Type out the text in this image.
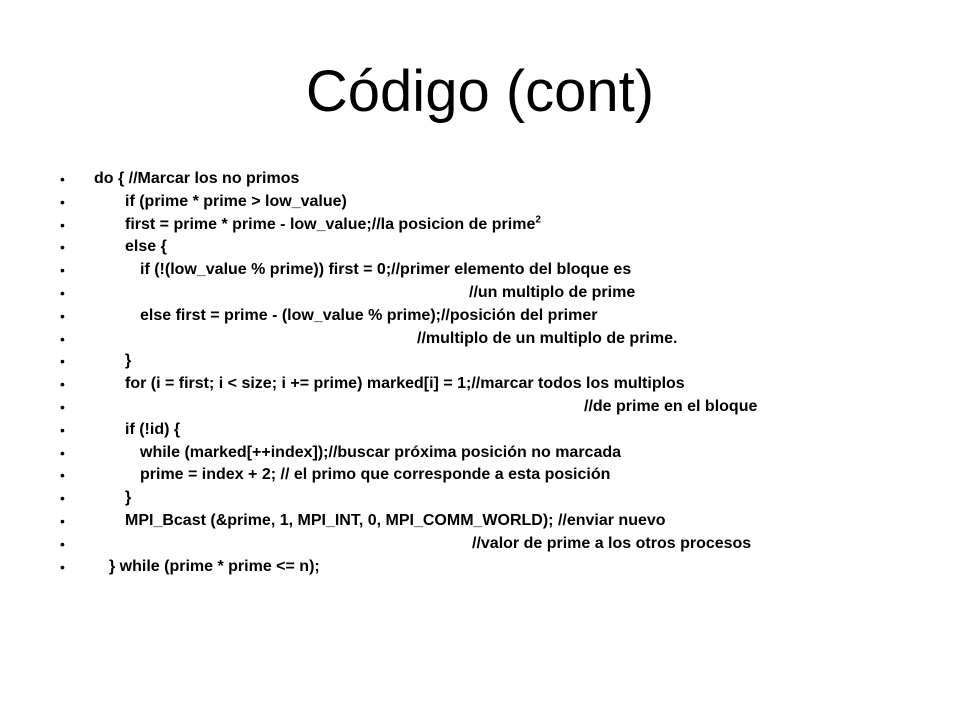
Código (cont)
• do { //Marcar los no primos
•	if (prime * prime > low_value)
•	first = prime * prime - low_value;//la posicion de prime$^2$
•	else {
•	if (!(low_value % prime)) first = 0;//primer elemento del bloque es
•	//un multiplo de prime
•	else first = prime - (low_value % prime);//posición del primer
•	//multiplo de un multiplo de prime.
•	}
•	for (i = first; i < size; i += prime) marked[i] = 1;//marcar todos los multiplos
•	//de prime en el bloque
•	if (!id) {
•	while (marked[++index]);//buscar próxima posición no marcada
•	prime = index + 2; // el primo que corresponde a esta posición
•	}
•	MPI_Bcast (&prime, 1, MPI_INT, 0, MPI_COMM_WORLD); //enviar nuevo
•	//valor de prime a los otros procesos
•	} while (prime * prime <= n);
